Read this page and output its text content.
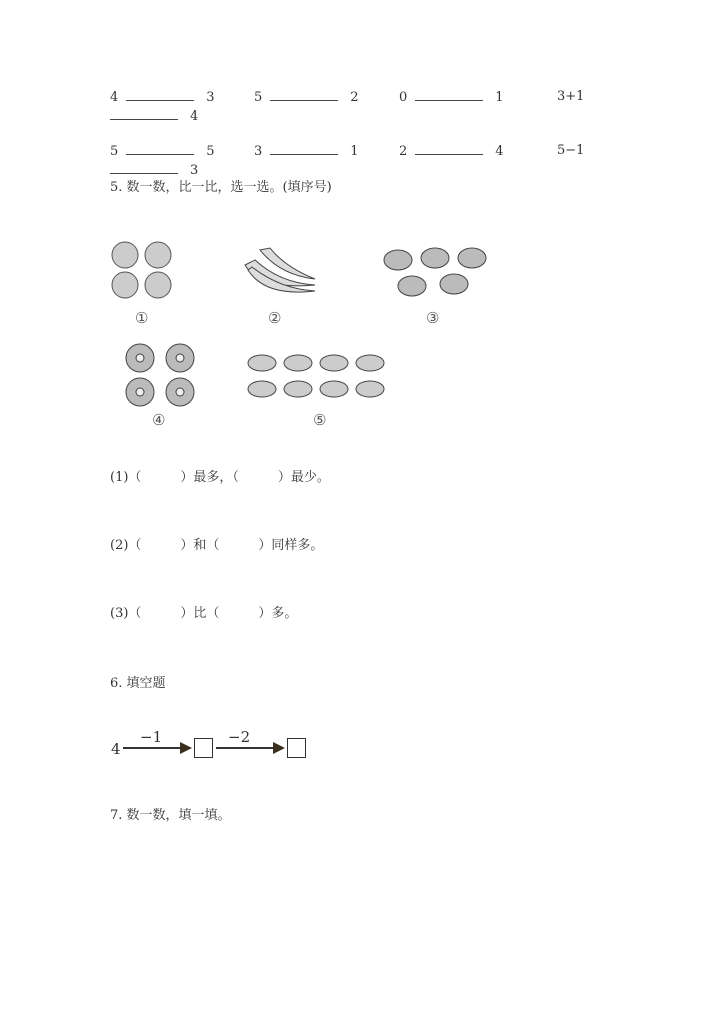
4	3	5	2	0	1	3+1
4
5	5	3	1	2	4	5−1
3
5. 数一数，比一比，选一选。(填序号)
①	②	③
④	⑤
(1)（　　　）最多，（　　　）最少。
(2)（　　　）和（　　　）同样多。
(3)（　　　）比（　　　）多。
6. 填空题
4
−1	−2
7. 数一数，填一填。
